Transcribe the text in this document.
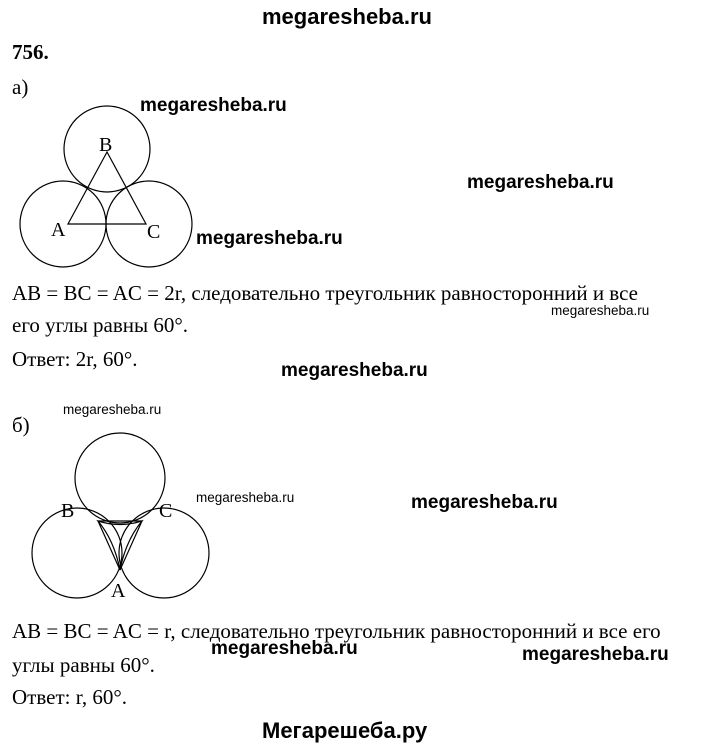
megaresheba.ru
756.
а)
B
A	C
AB = BC = AC = 2r, следовательно треугольник равносторонний и все
его углы равны 60°.
Ответ: 2r, 60°.
б)
B	C
A
AB = BC = AC = r, следовательно треугольник равносторонний и все его
углы равны 60°.
Ответ: r, 60°.
megaresheba.ru
megaresheba.ru
megaresheba.ru
megaresheba.ru
megaresheba.ru
megaresheba.ru
megaresheba.ru	megaresheba.ru
megaresheba.ru	megaresheba.ru
Мегарешеба.ру
